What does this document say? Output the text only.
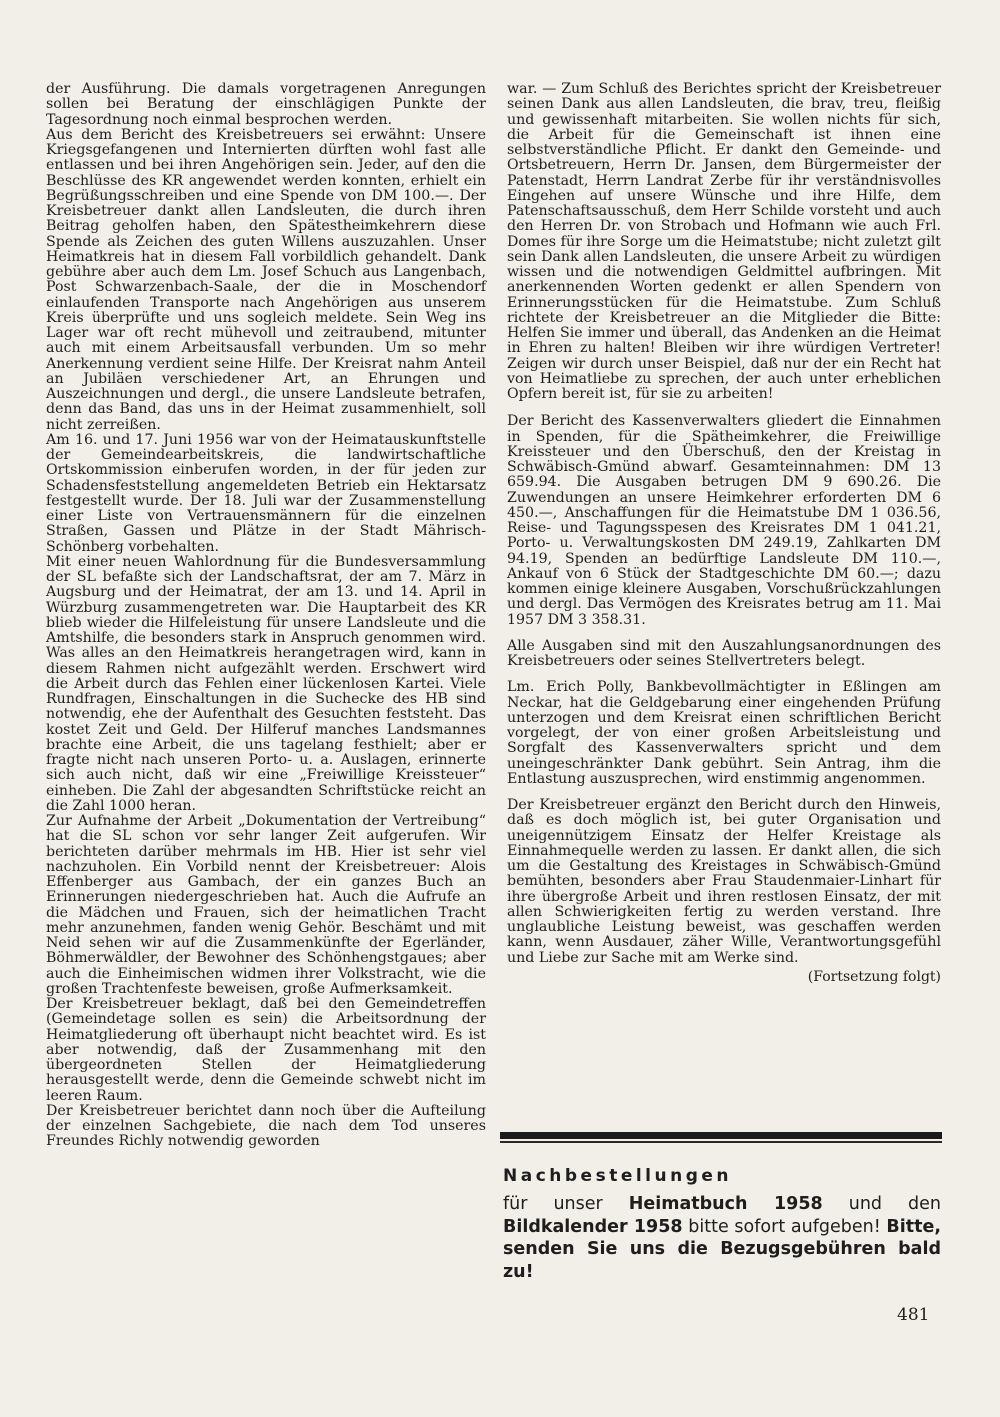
der Ausführung. Die damals vorgetragenen Anregungen sollen bei Beratung der einschlägigen Punkte der Tagesordnung noch einmal besprochen werden.

Aus dem Bericht des Kreisbetreuers sei erwähnt: Unsere Kriegsgefangenen und Internierten dürften wohl fast alle entlassen und bei ihren Angehörigen sein. Jeder, auf den die Beschlüsse des KR angewendet werden konnten, erhielt ein Begrüßungsschreiben und eine Spende von DM 100.—. Der Kreisbetreuer dankt allen Landsleuten, die durch ihren Beitrag geholfen haben, den Spätestheimkehrern diese Spende als Zeichen des guten Willens auszuzahlen. Unser Heimatkreis hat in diesem Fall vorbildlich gehandelt. Dank gebühre aber auch dem Lm. Josef Schuch aus Langenbach, Post Schwarzenbach-Saale, der die in Moschendorf einlaufenden Transporte nach Angehörigen aus unserem Kreis überprüfte und uns sogleich meldete. Sein Weg ins Lager war oft recht mühevoll und zeitraubend, mitunter auch mit einem Arbeitsausfall verbunden. Um so mehr Anerkennung verdient seine Hilfe. Der Kreisrat nahm Anteil an Jubiläen verschiedener Art, an Ehrungen und Auszeichnungen und dergl., die unsere Landsleute betrafen, denn das Band, das uns in der Heimat zusammenhielt, soll nicht zerreißen.

Am 16. und 17. Juni 1956 war von der Heimatauskunftstelle der Gemeindearbeitskreis, die landwirtschaftliche Ortskommission einberufen worden, in der für jeden zur Schadensfeststellung angemeldeten Betrieb ein Hektarsatz festgestellt wurde. Der 18. Juli war der Zusammenstellung einer Liste von Vertrauensmännern für die einzelnen Straßen, Gassen und Plätze in der Stadt Mährisch-Schönberg vorbehalten.

Mit einer neuen Wahlordnung für die Bundesversammlung der SL befaßte sich der Landschaftsrat, der am 7. März in Augsburg und der Heimatrat, der am 13. und 14. April in Würzburg zusammengetreten war. Die Hauptarbeit des KR blieb wieder die Hilfeleistung für unsere Landsleute und die Amtshilfe, die besonders stark in Anspruch genommen wird. Was alles an den Heimatkreis herangetragen wird, kann in diesem Rahmen nicht aufgezählt werden. Erschwert wird die Arbeit durch das Fehlen einer lückenlosen Kartei. Viele Rundfragen, Einschaltungen in die Suchecke des HB sind notwendig, ehe der Aufenthalt des Gesuchten feststeht. Das kostet Zeit und Geld. Der Hilferuf manches Landsmannes brachte eine Arbeit, die uns tagelang festhielt; aber er fragte nicht nach unseren Porto- u. a. Auslagen, erinnerte sich auch nicht, daß wir eine „Freiwillige Kreissteuer“ einheben. Die Zahl der abgesandten Schriftstücke reicht an die Zahl 1000 heran.

Zur Aufnahme der Arbeit „Dokumentation der Vertreibung“ hat die SL schon vor sehr langer Zeit aufgerufen. Wir berichteten darüber mehrmals im HB. Hier ist sehr viel nachzuholen. Ein Vorbild nennt der Kreisbetreuer: Alois Effenberger aus Gambach, der ein ganzes Buch an Erinnerungen niedergeschrieben hat. Auch die Aufrufe an die Mädchen und Frauen, sich der heimatlichen Tracht mehr anzunehmen, fanden wenig Gehör. Beschämt und mit Neid sehen wir auf die Zusammenkünfte der Egerländer, Böhmerwäldler, der Bewohner des Schönhengstgaues; aber auch die Einheimischen widmen ihrer Volkstracht, wie die großen Trachtenfeste beweisen, große Aufmerksamkeit.

Der Kreisbetreuer beklagt, daß bei den Gemeindetreffen (Gemeindetage sollen es sein) die Arbeitsordnung der Heimatgliederung oft überhaupt nicht beachtet wird. Es ist aber notwendig, daß der Zusammenhang mit den übergeordneten Stellen der Heimatgliederung herausgestellt werde, denn die Gemeinde schwebt nicht im leeren Raum.

Der Kreisbetreuer berichtet dann noch über die Aufteilung der einzelnen Sachgebiete, die nach dem Tod unseres Freundes Richly notwendig geworden

war. — Zum Schluß des Berichtes spricht der Kreisbetreuer seinen Dank aus allen Landsleuten, die brav, treu, fleißig und gewissenhaft mitarbeiten. Sie wollen nichts für sich, die Arbeit für die Gemeinschaft ist ihnen eine selbstverständliche Pflicht. Er dankt den Gemeinde- und Ortsbetreuern, Herrn Dr. Jansen, dem Bürgermeister der Patenstadt, Herrn Landrat Zerbe für ihr verständnisvolles Eingehen auf unsere Wünsche und ihre Hilfe, dem Patenschaftsausschuß, dem Herr Schilde vorsteht und auch den Herren Dr. von Strobach und Hofmann wie auch Frl. Domes für ihre Sorge um die Heimatstube; nicht zuletzt gilt sein Dank allen Landsleuten, die unsere Arbeit zu würdigen wissen und die notwendigen Geldmittel aufbringen. Mit anerkennenden Worten gedenkt er allen Spendern von Erinnerungsstücken für die Heimatstube. Zum Schluß richtete der Kreisbetreuer an die Mitglieder die Bitte: Helfen Sie immer und überall, das Andenken an die Heimat in Ehren zu halten! Bleiben wir ihre würdigen Vertreter! Zeigen wir durch unser Beispiel, daß nur der ein Recht hat von Heimatliebe zu sprechen, der auch unter erheblichen Opfern bereit ist, für sie zu arbeiten!

Der Bericht des Kassenverwalters gliedert die Einnahmen in Spenden, für die Spätheimkehrer, die Freiwillige Kreissteuer und den Überschuß, den der Kreistag in Schwäbisch-Gmünd abwarf. Gesamteinnahmen: DM 13 659.94. Die Ausgaben betrugen DM 9 690.26. Die Zuwendungen an unsere Heimkehrer erforderten DM 6 450.—, Anschaffungen für die Heimatstube DM 1 036.56, Reise- und Tagungsspesen des Kreisrates DM 1 041.21, Porto- u. Verwaltungskosten DM 249.19, Zahlkarten DM 94.19, Spenden an bedürftige Landsleute DM 110.—, Ankauf von 6 Stück der Stadtgeschichte DM 60.—; dazu kommen einige kleinere Ausgaben, Vorschußrückzahlungen und dergl. Das Vermögen des Kreisrates betrug am 11. Mai 1957 DM 3 358.31.

Alle Ausgaben sind mit den Auszahlungsanordnungen des Kreisbetreuers oder seines Stellvertreters belegt.

Lm. Erich Polly, Bankbevollmächtigter in Eßlingen am Neckar, hat die Geldgebarung einer eingehenden Prüfung unterzogen und dem Kreisrat einen schriftlichen Bericht vorgelegt, der von einer großen Arbeitsleistung und Sorgfalt des Kassenverwalters spricht und dem uneingeschränkter Dank gebührt. Sein Antrag, ihm die Entlastung auszusprechen, wird enstimmig angenommen.

Der Kreisbetreuer ergänzt den Bericht durch den Hinweis, daß es doch möglich ist, bei guter Organisation und uneigennützigem Einsatz der Helfer Kreistage als Einnahmequelle werden zu lassen. Er dankt allen, die sich um die Gestaltung des Kreistages in Schwäbisch-Gmünd bemühten, besonders aber Frau Staudenmaier-Linhart für ihre übergroße Arbeit und ihren restlosen Einsatz, der mit allen Schwierigkeiten fertig zu werden verstand. Ihre unglaubliche Leistung beweist, was geschaffen werden kann, wenn Ausdauer, zäher Wille, Verantwortungsgefühl und Liebe zur Sache mit am Werke sind.

(Fortsetzung folgt)

Nachbestellungen

für unser Heimatbuch 1958 und den Bildkalender 1958 bitte sofort aufgeben! Bitte, senden Sie uns die Bezugsgebühren bald zu!

481
